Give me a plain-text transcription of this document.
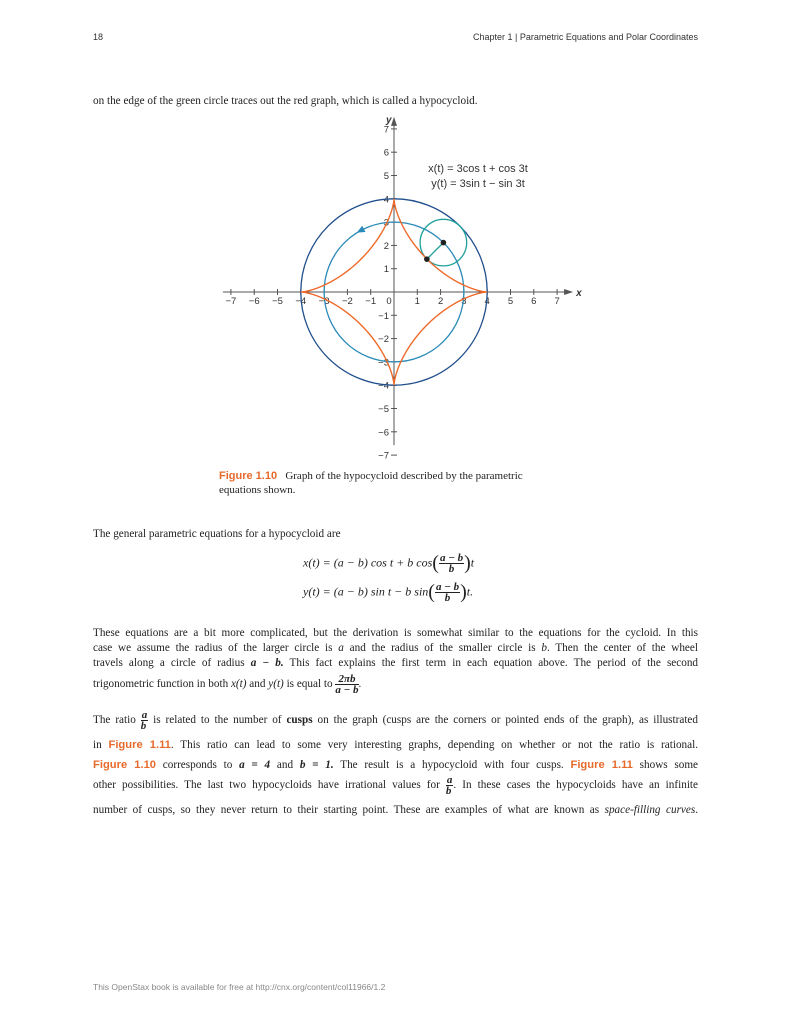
18	Chapter 1 | Parametric Equations and Polar Coordinates
on the edge of the green circle traces out the red graph, which is called a hypocycloid.
x
y
−7 −6 −5 −4 −3 −2 −1 0 1 2 3 4 5 6 7
−7
−6
−5
−4
−3
−2
−1
1
2
3
4
5
6
7
x(t) = 3cos t + cos 3t
y(t) = 3sin t − sin 3t
Figure 1.10 Graph of the hypocycloid described by the parametric equations shown.
The general parametric equations for a hypocycloid are
x(t) = (a − b) cos t + b $\cos( \frac{a - b}{b} )t$
y(t) = (a − b) sin t − b $\sin( \frac{a - b}{b} )t$.
These equations are a bit more complicated, but the derivation is somewhat similar to the equations for the cycloid. In this
case we assume the radius of the larger circle is a and the radius of the smaller circle is b. Then the center of the wheel
travels along a circle of radius a − b. This fact explains the first term in each equation above. The period of the second
trigonometric function in both x(t) and y(t) is equal to $\frac{2\pi b}{a - b}$ .
The ratio $\frac{a}{b}$ is related to the number of cusps on the graph (cusps are the corners or pointed ends of the graph), as illustrated
in Figure 1.11. This ratio can lead to some very interesting graphs, depending on whether or not the ratio is rational.
Figure 1.10 corresponds to a = 4 and b = 1. The result is a hypocycloid with four cusps. Figure 1.11 shows some
other possibilities. The last two hypocycloids have irrational values for $\frac{a}{b}$ . In these cases the hypocycloids have an infinite
number of cusps, so they never return to their starting point. These are examples of what are known as space-filling curves.
This OpenStax book is available for free at http://cnx.org/content/col11966/1.2
